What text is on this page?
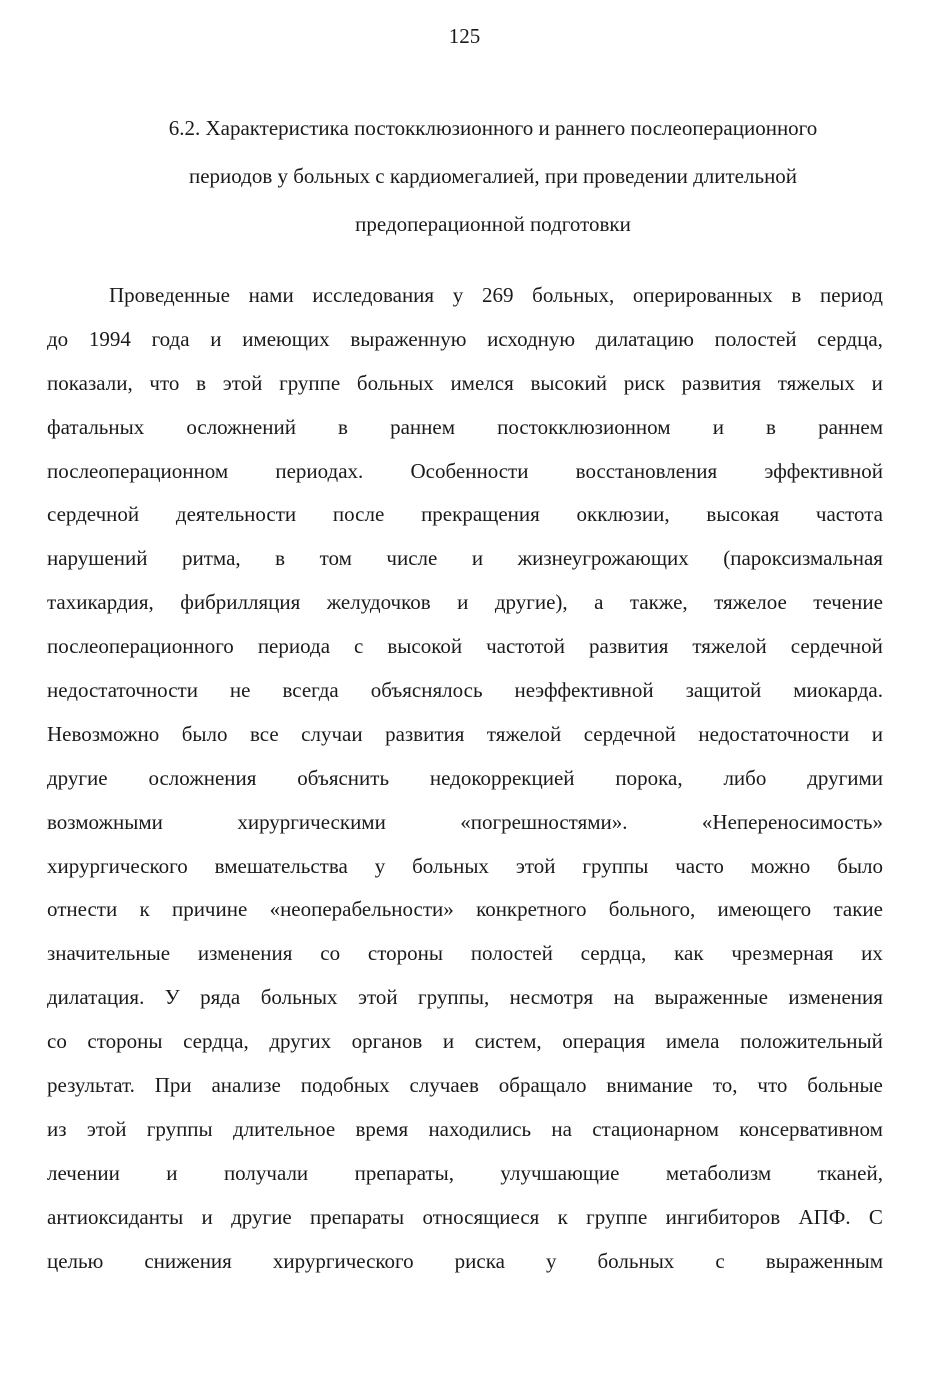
125
6.2. Характеристика постокклюзионного и раннего послеоперационного
периодов у больных с кардиомегалией, при проведении длительной
предоперационной подготовки
Проведенные нами исследования у 269 больных, оперированных в период
до 1994 года и имеющих выраженную исходную дилатацию полостей сердца,
показали, что в этой группе больных имелся высокий риск развития тяжелых и
фатальных осложнений в раннем постокклюзионном и в раннем
послеоперационном периодах. Особенности восстановления эффективной
сердечной деятельности после прекращения окклюзии, высокая частота
нарушений ритма, в том числе и жизнеугрожающих (пароксизмальная
тахикардия, фибрилляция желудочков и другие), а также, тяжелое течение
послеоперационного периода с высокой частотой развития тяжелой сердечной
недостаточности не всегда объяснялось неэффективной защитой миокарда.
Невозможно было все случаи развития тяжелой сердечной недостаточности и
другие осложнения объяснить недокоррекцией порока, либо другими
возможными	хирургическими	«погрешностями».	«Непереносимость»
хирургического вмешательства у больных этой группы часто можно было
отнести к причине «неоперабельности» конкретного больного, имеющего такие
значительные изменения со стороны полостей сердца, как чрезмерная их
дилатация. У ряда больных этой группы, несмотря на выраженные изменения
со стороны сердца, других органов и систем, операция имела положительный
результат. При анализе подобных случаев обращало внимание то, что больные
из этой группы длительное время находились на стационарном консервативном
лечении и получали препараты, улучшающие метаболизм тканей,
антиоксиданты и другие препараты относящиеся к группе ингибиторов АПФ. С
целью снижения хирургического риска у больных с выраженным
